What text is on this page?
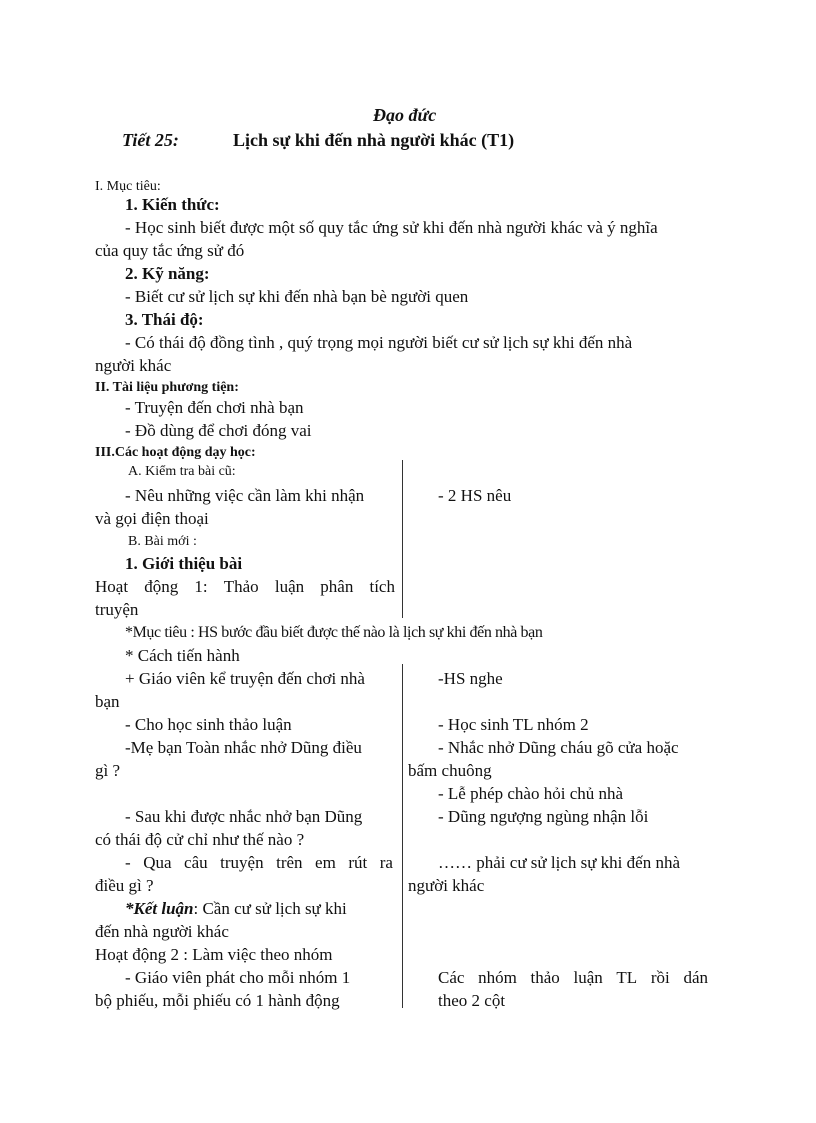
Đạo đức
Tiết 25:	Lịch sự khi đến nhà người khác (T1)
I. Mục tiêu:
1. Kiến thức:
- Học sinh biết được một số quy tắc ứng sử khi đến nhà người khác và ý nghĩa
của quy tắc ứng sử đó
2. Kỹ năng:
- Biết cư sử lịch sự khi đến nhà bạn bè người quen
3. Thái độ:
- Có thái độ đồng tình , quý trọng mọi người biết cư sử lịch sự khi đến nhà
người khác
II. Tài liệu phương tiện:
- Truyện đến chơi nhà bạn
- Đồ dùng để chơi đóng vai
III.Các hoạt động dạy học:
A. Kiểm tra bài cũ:
- Nêu những việc cần làm khi nhận
và gọi điện thoại
- 2 HS nêu
B. Bài mới :
1. Giới thiệu bài
Hoạt động 1: Thảo luận phân tích
truyện
*Mục tiêu : HS bước đầu biết được thế nào là lịch sự khi đến nhà bạn
* Cách tiến hành
+ Giáo viên kể truyện đến chơi nhà
bạn
-HS nghe
- Cho học sinh thảo luận	- Học sinh TL nhóm 2
-Mẹ bạn Toàn nhắc nhở Dũng điều
gì ?
- Nhắc nhở Dũng cháu gõ cửa hoặc
bấm chuông
- Lễ phép chào hỏi chủ nhà
- Sau khi được nhắc nhở bạn Dũng
có thái độ cử chỉ như thế nào ?
- Dũng ngượng ngùng nhận lỗi
- Qua câu truyện trên em rút ra
điều gì ?
…… phải cư sử lịch sự khi đến nhà
người khác
*Kết luận: Cần cư sử lịch sự khi
đến nhà người khác
Hoạt động 2 : Làm việc theo nhóm
- Giáo viên phát cho mỗi nhóm 1
bộ phiếu, mỗi phiếu có 1 hành động
Các nhóm thảo luận TL rồi dán
theo 2 cột
